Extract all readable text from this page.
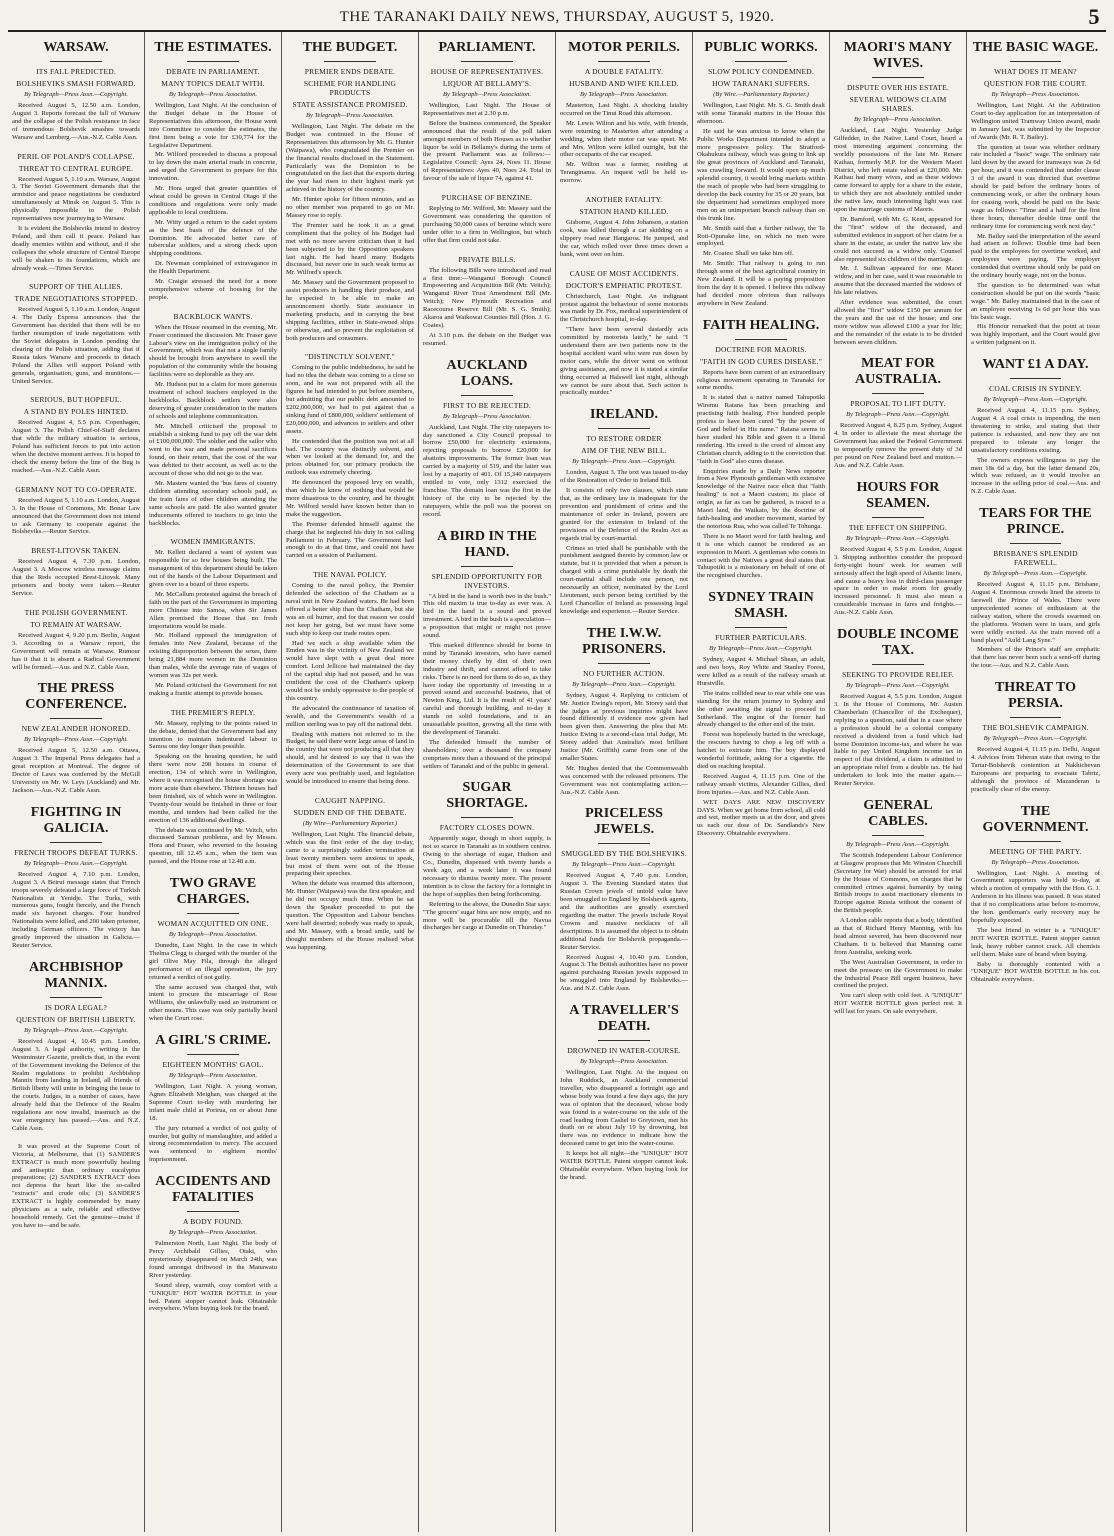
THE TARANAKI DAILY NEWS, THURSDAY, AUGUST 5, 1920.	5
WARSAW.
ITS FALL PREDICTED.
BOLSHEVIKS SMASH FORWARD.
By Telegraph—Press Assn.—Copyright.

Received August 5, 12.50 a.m. London, August 3. Reports forecast the fall of Warsaw and the collapse of the Polish resistance in face of tremendous Bolshevik smashes towards Warsaw and Lemberg.—Aus.-N.Z. Cable Assn.

PERIL OF POLAND'S COLLAPSE.
THREAT TO CENTRAL EUROPE.

Received August 5, 1.10 a.m. Warsaw, August 3. The Soviet Government demands that the armistice and peace negotiations be conducted simultaneously at Minsk on August 5. This is physically impossible to the Polish representatives now journeying to Warsaw.

It is evident the Bolsheviks intend to destroy Poland, and then call it peace. Poland has deadly enemies within and without, and if she collapses the whole structure of Central Europe will be shaken to its foundations, which are already weak.—Times Service.

SUPPORT OF THE ALLIES.
TRADE NEGOTIATIONS STOPPED.

Received August 5, 1.10 a.m. London, August 4. The Daily Express announces that the Government has decided that there will be no further resumption of trade negotiations with the Soviet delegates in London pending the clearing of the Polish situation, adding that if Russia takes Warsaw and proceeds to detach Poland the Allies will support Poland with generals, organisation, guns, and munitions.—United Service.

SERIOUS, BUT HOPEFUL.
A STAND BY POLES HINTED.

Received August 4, 5.5 p.m. Copenhagen, August 3. The Polish Chief-of-Staff declares that while the military situation is serious, Poland has sufficient forces to put into action when the decisive moment arrives. It is hoped to check the enemy before the line of the Bug is reached.—Aus.-N.Z. Cable Assn.

GERMANY NOT TO CO-OPERATE.

Received August 5, 1.10 a.m. London, August 3. In the House of Commons, Mr. Bonar Law announced that the Government does not intend to ask Germany to cooperate against the Bolsheviks.—Reuter Service.

BREST-LITOVSK TAKEN.

Received August 4, 7.30 p.m. London, August 3. A Moscow wireless message claims that the Reds occupied Brest-Litovsk. Many prisoners and booty were taken.—Reuter Service.

THE POLISH GOVERNMENT.
TO REMAIN AT WARSAW.

Received August 4, 9.20 p.m. Berlin, August 3. According to a Warsaw report, the Government will remain at Warsaw. Rumour has it that it is absent a Radical Government will be formed.—Aus. and N.Z. Cable Assn.

THE PRESS CONFERENCE.
NEW ZEALANDER HONORED.
By Telegraph—Press Assn.—Copyright.

Received August 5, 12.50 a.m. Ottawa, August 3. The Imperial Press delegates had a great reception at Montreal. The degree of Doctor of Laws was conferred by the McGill University on Mr. W. Leys (Auckland) and Mr. Jackson.—Aus.-N.Z. Cable Assn.

FIGHTING IN GALICIA.
FRENCH TROOPS DEFEAT TURKS.
By Telegraph—Press Assn.—Copyright.

Received August 4, 7.10 p.m. London, August 3. A Beirut message states that French troops severely defeated a large force of Turkish Nationalists at Yenidje. The Turks, with numerous guns, fought fiercely, and the French made six bayonet charges. Four hundred Nationalists were killed, and 200 taken prisoner, including German officers. The victory has greatly improved the situation in Galicia.—Reuter Service.

ARCHBISHOP MANNIX.
IS DORA LEGAL?
QUESTION OF BRITISH LIBERTY.
By Telegraph—Press Assn.—Copyright.

Received August 4, 10.45 p.m. London, August 3. A legal authority, writing in the Westminster Gazette, predicts that, in the event of the Government invoking the Defence of the Realm regulations to prohibit Archbishop Mannix from landing in Ireland, all friends of British liberty will unite in bringing the issue to the courts. Judges, in a number of cases, have already held that the Defence of the Realm regulations are now invalid, inasmuch as the war emergency has passed.—Aus. and N.Z. Cable Assn.

It was proved at the Supreme Court of Victoria, at Melbourne, that (1) SANDER'S EXTRACT is much more powerfully healing and antiseptic than ordinary eucalyptus preparations; (2) SANDER'S EXTRACT does not depress the heart like the so-called "extracts" and crude oils; (3) SANDER'S EXTRACT is highly commended by many physicians as a safe, reliable and effective household remedy. Get the genuine—insist if you have to—and be safe.

THE ESTIMATES.
DEBATE IN PARLIAMENT.
MANY TOPICS DEALT WITH.
By Telegraph—Press Association.

Wellington, Last Night. At the conclusion of the Budget debate in the House of Representatives this afternoon, the House went into Committee to consider the estimates, the first item being a vote for £30,774 for the Legislative Department.

Mr. Wilford proceeded to discuss a proposal to lay down the main arterial roads in concrete, and urged the Government to prepare for this innovation.

Mr. Hora urged that greater quantities of wheat could be grown in Central Otago if the conditions and regulations were only made applicable to local conditions.

Mr. Witty urged a return to the cadet system as the best basis of the defence of the Dominion. He advocated better care of tubercular soldiers, and a strong check upon shipping conditions.

Dr. Newman complained of extravagance in the Health Department.

Mr. Craigie stressed the need for a more comprehensive scheme of housing for the people.

BACKBLOCK WANTS.

When the House resumed in the evening, Mr. Fraser continued the discussion. Mr. Fraser gave Labour's view on the immigration policy of the Government, which was that not a single family should be brought from anywhere to swell the population of the community while the housing facilities were so deplorable as they are.

Mr. Hudson put in a claim for more generous treatment of school teachers employed in the backblocks. Backblock settlers were also deserving of greater consideration in the matters of schools and telephone communication.

Mr. Mitchell criticised the proposal to establish a sinking fund to pay off the war debt of £100,000,000. The soldier and the sailor who went to the war and made personal sacrifices found, on their return, that the cost of the war was debited to their account, as well as to the account of those who did not go to the war.

Mr. Masters wanted the 'bus fares of country children attending secondary schools paid, as the train fares of other children attending the same schools are paid. He also wanted greater inducements offered to teachers to go into the backblocks.

WOMEN IMMIGRANTS.

Mr. Kellett declared a want of system was responsible for so few houses being built. The management of this department should be taken out of the hands of the Labour Department and given over to a board of three experts.

Mr. McCallum protested against the breach of faith on the part of the Government in importing more Chinese into Samoa, when Sir James Allen promised the House that no fresh importations would be made.

Mr. Holland opposed the immigration of females into New Zealand, because of the existing disproportion between the sexes, there being 21,884 more women in the Dominion than males, while the average rate of wages of women was 32s per week.

Mr. Poland criticised the Government for not making a frantic attempt to provide houses.

THE PREMIER'S REPLY.

Mr. Massey, replying to the points raised in the debate, denied that the Government had any intention to maintain indentured labour in Samoa one day longer than possible.

Speaking on the housing question, he said there were now 298 houses in course of erection, 134 of which were in Wellington, where it was recognised the house shortage was more acute than elsewhere. Thirteen houses had been finished, six of which were in Wellington. Twenty-four would be finished in three or four months, and tenders had been called for the erection of 136 additional dwellings.

The debate was continued by Mr. Veitch, who discussed Samoan problems, and by Messrs. Hora and Fraser, who reverted to the housing question, till 12.45 a.m., when the item was passed, and the House rose at 12.48 a.m.

TWO GRAVE CHARGES.
WOMAN ACQUITTED ON ONE.
By Telegraph—Press Association.

Dunedin, Last Night. In the case in which Thelma Clegg is charged with the murder of the girl Olive May Fila, through the alleged performance of an illegal operation, the jury returned a verdict of not guilty.

The same accused was charged that, with intent to procure the miscarriage of Rose Williams, she unlawfully used an instrument or other means. This case was only partially heard when the Court rose.

A GIRL'S CRIME.
EIGHTEEN MONTHS' GAOL.
By Telegraph—Press Association.

Wellington, Last Night. A young woman, Agnes Elizabeth Meighan, was charged at the Supreme Court to-day with murdering her infant male child at Porirua, on or about June 18.

The jury returned a verdict of not guilty of murder, but guilty of manslaughter, and added a strong recommendation to mercy. The accused was sentenced to eighteen months' imprisonment.

ACCIDENTS AND FATALITIES
A BODY FOUND.
By Telegraph—Press Association.

Palmerston North, Last Night. The body of Percy Archibald Gillies, Otaki, who mysteriously disappeared on March 24th, was found amongst driftwood in the Manawatu River yesterday.

Sound sleep, warmth, cosy comfort with a "UNIQUE" HOT WATER BOTTLE in your bed. Patent stopper cannot leak. Obtainable everywhere. When buying look for the brand.

THE BUDGET.
PREMIER ENDS DEBATE.
SCHEME FOR HANDLING PRODUCTS
STATE ASSISTANCE PROMISED.
By Telegraph—Press Association.

Wellington, Last Night. The debate on the Budget was continued in the House of Representatives this afternoon by Mr. G. Hunter (Waipawa), who congratulated the Premier on the financial results disclosed in the Statement. Particularly was the Dominion to be congratulated on the fact that the exports during the year had risen to their highest mark yet achieved in the history of the country.

Mr. Hunter spoke for fifteen minutes, and as no other member was prepared to go on Mr. Massey rose to reply.

The Premier said he took it as a great compliment that the policy of his Budget had met with no more severe criticism than it had been subjected to by the Opposition speakers last night. He had heard many Budgets discussed, but never one in such weak terms as Mr. Wilford's speech.

Mr. Massey said the Government proposed to assist producers in handling their produce, and he expected to be able to make an announcement shortly. State assistance in marketing products, and in carrying the best shipping facilities, either in State-owned ships or otherwise, and so prevent the exploitation of both producers and consumers.

"DISTINCTLY SOLVENT."

Coming to the public indebtedness, he said he had no idea the debate was coming to a close so soon, and he was not prepared with all the figures he had intended to put before members, but admitting that our public debt amounted to £202,000,000, we had to put against that a sinking fund of £800,000, soldiers' settlement of £20,000,000, and advances to settlers and other assets.

He contended that the position was not at all bad. The country was distinctly solvent, and when we looked at the demand for, and the prices obtained for, our primary products the outlook was extremely cheering.

He denounced the proposed levy on wealth, than which he knew of nothing that would be more disastrous to the country, and he thought Mr. Wilford would have known better than to make the suggestion.

The Premier defended himself against the charge that he neglected his duty in not calling Parliament in February. The Government had enough to do at that time, and could not have carried on a session of Parliament.

THE NAVAL POLICY.

Coming to the naval policy, the Premier defended the selection of the Chatham as a naval unit in New Zealand waters. He had been offered a better ship than the Chatham, but she was an oil burner, and for that reason we could not keep her going, but we must have some such ship to keep our trade routes open.

Had we such a ship available when the Emden was in the vicinity of New Zealand we would have slept with a great deal more comfort. Lord Jellicoe had maintained the day of the capital ship had not passed, and he was confident the cost of the Chatham's upkeep would not be unduly oppressive to the people of this country.

He advocated the continuance of taxation of wealth, and the Government's wealth of a million sterling was to pay off the national debt.

Dealing with matters not referred to in the Budget, he said there were large areas of land in the country that were not producing all that they should, and he desired to say that it was the determination of the Government to see that every acre was profitably used, and legislation would be introduced to ensure that being done.

CAUGHT NAPPING.
SUDDEN END OF THE DEBATE.
(By Wire—Parliamentary Reporter.)

Wellington, Last Night. The financial debate, which was the first order of the day to-day, came to a surprisingly sudden termination at least twenty members were anxious to speak, but most of them were out of the House preparing their speeches.

When the debate was resumed this afternoon, Mr. Hunter (Waipawa) was the first speaker, and he did not occupy much time. When he sat down the Speaker proceeded to put the question. The Opposition and Labour benches were half deserted; nobody was ready to speak, and Mr. Massey, with a broad smile, said he thought members of the House realised what was happening.

PARLIAMENT.
HOUSE OF REPRESENTATIVES.
LIQUOR AT BELLAMY'S.
By Telegraph—Press Association.

Wellington, Last Night. The House of Representatives met at 2.30 p.m.

Before the business commenced, the Speaker announced that the result of the poll taken amongst members of both Houses as to whether liquor be sold in Bellamy's during the term of the present Parliament was as follows:—Legislative Council: Ayes 24, Noes 11. House of Representatives: Ayes 40, Noes 24. Total in favour of the sale of liquor 74, against 41.

PURCHASE OF BENZINE.

Replying to Mr. Wilford, Mr. Massey said the Government was considering the question of purchasing 50,000 cases of benzine which were under offer to a firm in Wellington, but which offer that firm could not take.

PRIVATE BILLS.

The following Bills were introduced and read a first time:—Wanganui Borough Council Empowering and Acquisition Bill (Mr. Veitch); Wanganui River Trust Amendment Bill (Mr. Veitch); New Plymouth Recreation and Racecourse Reserve Bill (Mr. S. G. Smith); Akaroa and Waikowai Counties Bill (Hon. J. G. Coates).

At 3.10 p.m. the debate on the Budget was resumed.

AUCKLAND LOANS.
FIRST TO BE REJECTED.
By Telegraph—Press Association.

Auckland, Last Night. The city ratepayers to-day sanctioned a City Council proposal to borrow £50,000 for electricity extensions, rejecting proposals to borrow £20,000 for abattoirs improvements. The former loan was carried by a majority of 519, and the latter was lost by a majority of 401. Of 15,340 ratepayers entitled to vote, only 1312 exercised the franchise. The domain loan was the first in the history of the city to be rejected by the ratepayers, while the poll was the poorest on record.

A BIRD IN THE HAND.
SPLENDID OPPORTUNITY FOR INVESTORS.

"A bird in the hand is worth two in the bush." This old maxim is true to-day as ever was. A bird in the hand is a sound and proved investment. A bird in the bush is a speculation—a proposition that might or might not prove sound.

This marked difference should be borne in mind by Taranaki investors, who have earned their money chiefly by dint of their own industry and thrift, and cannot afford to take risks. There is no need for them to do so, as they have today the opportunity of investing in a proved sound and successful business, that of Newton King, Ltd. It is the result of 41 years' careful and thorough building, and to-day it stands on solid foundations, and is an unassailable position, growing all the time with the development of Taranaki.

The defended himself the number of shareholders; over a thousand the company comprises more than a thousand of the principal settlers of Taranaki and of the public in general.

SUGAR SHORTAGE.
FACTORY CLOSES DOWN.

Apparently sugar, though in short supply, is not so scarce in Taranaki as in southern centres. Owing to the shortage of sugar, Hudson and Co., Dunedin, dispensed with twenty hands a week ago, and a week later it was found necessary to dismiss twenty more. The present intention is to close the factory for a fortnight in the hope of supplies then being forthcoming.

Referring to the above, the Dunedin Star says: "The grocers' sugar bins are now empty, and no more will be procurable till the Navua discharges her cargo at Dunedin on Thursday."

MOTOR PERILS.
A DOUBLE FATALITY.
HUSBAND AND WIFE KILLED.
By Telegraph—Press Association.

Masterton, Last Night. A shocking fatality occurred on the Tinui Road this afternoon.

Mr. Lewis Wilton and his wife, with friends, were returning to Masterton after attending a wedding, when their motor car was upset. Mr. and Mrs. Wilton were killed outright, but the other occupants of the car escaped.

Mr. Wilton was a farmer, residing at Teranginamu. An inquest will be held to-morrow.

ANOTHER FATALITY.
STATION HAND KILLED.

Gisborne, August 4. John Johanson, a station cook, was killed through a car skidding on a slippery road near Hangaroa. He jumped, and the car, which rolled over three times down a bank, went over on him.

CAUSE OF MOST ACCIDENTS.
DOCTOR'S EMPHATIC PROTEST.

Christchurch, Last Night. An indignant protest against the behaviour of some motorists was made by Dr. Fox, medical superintendent of the Christchurch hospital, to-day.

"There have been several dastardly acts committed by motorists lately," he said. "I understand there are two patients now in the hospital accident ward who were run down by motor cars, while the driver went on without giving assistance, and now it is stated a similar thing occurred at Halswell last night, although we cannot be sure about that. Such action is practically murder."

IRELAND.
TO RESTORE ORDER
AIM OF THE NEW BILL.
By Telegraph—Press Assn.—Copyright.

London, August 3. The text was issued to-day of the Restoration of Order in Ireland Bill.

It consists of only two clauses, which state that, as the ordinary law is inadequate for the prevention and punishment of crime and the maintenance of order in Ireland, powers are granted for the extension to Ireland of the provisions of the Defence of the Realm Act as regards trial by court-martial.

Crimes so tried shall be punishable with the punishment assigned thereto by common law or statute, but it is provided that when a person is charged with a crime punishable by death the court-martial shall include one person, not necessarily an officer, nominated by the Lord Lieutenant, such person being certified by the Lord Chancellor of Ireland as possessing legal knowledge and experience.—Reuter Service.

THE I.W.W. PRISONERS.
NO FURTHER ACTION.
By Telegraph—Press Assn.—Copyright.

Sydney, August 4. Replying to criticism of Mr. Justice Ewing's report, Mr. Storey said that the judges at previous inquiries might have found differently if evidence now given had been given then. Answering the plea that Mr. Justice Ewing is a second-class trial Judge, Mr. Storey added that Australia's most brilliant Justice (Mr. Griffith) came from one of the smaller States.

Mr. Hughes denied that the Commonwealth was concerned with the released prisoners. The Government was not contemplating action.—Aus.-N.Z. Cable Assn.

PRICELESS JEWELS.
SMUGGLED BY THE BOLSHEVIKS.
By Telegraph—Press Assn.—Copyright.

Received August 4, 7.40 p.m. London, August 3. The Evening Standard states that Russian Crown jewels of untold value have been smuggled to England by Bolshevik agents, and the authorities are greatly exercised regarding the matter. The jewels include Royal Crowns and massive necklaces of all descriptions. It is assumed the object is to obtain additional funds for Bolshevik propaganda.—Reuter Service.

Received August 4, 10.40 p.m. London, August 3. The British authorities have no power against purchasing Russian jewels supposed to be smuggled into England by Bolsheviks.—Aus. and N.Z. Cable Assn.

A TRAVELLER'S DEATH.
DROWNED IN WATER-COURSE.
By Telegraph—Press Association.

Wellington, Last Night. At the inquest on John Ruddock, an Auckland commercial traveller, who disappeared a fortnight ago and whose body was found a few days ago, the jury was of opinion that the deceased, whose body was found in a water-course on the side of the road leading from Cashel to Greytown, met his death on or about July 19 by drowning, but there was no evidence to indicate how the deceased came to get into the water-course.

It keeps hot all night—the "UNIQUE" HOT WATER BOTTLE. Patent stopper cannot leak. Obtainable everywhere. When buying look for the brand.

PUBLIC WORKS.
SLOW POLICY CONDEMNED.
HOW TARANAKI SUFFERS.
(By Wire.—Parliamentary Reporter.)

Wellington, Last Night. Mr. S. G. Smith dealt with some Taranaki matters in the House this afternoon.

He said he was anxious to know when the Public Works Department intended to adopt a more progressive policy. The Stratford-Okahukura railway, which was going to link up the great provinces of Auckland and Taranaki, was crawling forward. It would open up much splendid country, it would bring markets within the reach of people who had been struggling to develop the back country for 35 or 20 years, but the department had sometimes employed more men on an unimportant branch railway than on this trunk line.

Mr. Smith said that a further railway, the Te Roti-Opunake line, on which no men were employed.

Mr. Coates: Shall we take him off.

Mr. Smith: That railway is going to run through some of the best agricultural country in New Zealand. It will be a paying proposition from the day it is opened. I believe this railway had decided more obvious than railways anywhere in New Zealand.

FAITH HEALING.
DOCTRINE FOR MAORIS.
"FAITH IN GOD CURES DISEASE."

Reports have been current of an extraordinary religious movement operating in Taranaki for some months.

It is stated that a native named Tahupotiki Wiremu Ratana has been preaching and practising faith healing. Five hundred people profess to have been cured "by the power of God and belief in His name." Ratana seems to have studied his Bible and given it a literal rendering. His creed is the creed of almost any Christian church, adding to it the conviction that "faith in God" also cures disease.

Enquiries made by a Daily News reporter from a New Plymouth gentleman with extensive knowledge of the Native race elicit that "faith healing" is not a Maori custom; its place of origin, as far as can be gathered, is traced to a Maori land, the Waikato, by the doctrine of faith-healing and another movement, started by the notorious Rua, who was called Te Tohunga.

There is no Maori word for faith healing, and it is one which cannot be rendered as an expression in Maori. A gentleman who comes in contact with the Natives a great deal states that Tahupotiki is a missionary on behalf of one of the recognised churches.

SYDNEY TRAIN SMASH.
FURTHER PARTICULARS.
By Telegraph—Press Assn.—Copyright.

Sydney, August 4. Michael Shean, an adult, and two boys, Roy White and Stanley Forest, were killed as a result of the railway smash at Hurstville.

The trains collided near to rear while one was standing for the return journey to Sydney and the other awaiting the signal to proceed to Sutherland. The engine of the former had already changed to the other end of the train.

Forest was hopelessly buried in the wreckage, the rescuers having to chop a leg off with a hatchet to extricate him. The boy displayed wonderful fortitude, asking for a cigarette. He died on reaching hospital.

Received August 4, 11.15 p.m. One of the railway smash victims, Alexander Gillies, died from injuries.—Aus. and N.Z. Cable Assn.

WET DAYS ARE NEW DISCOVERY DAYS. When we get home from school, all cold and wet, mother meets us at the door, and gives us each our dose of Dr. Sandlands's New Discovery. Obtainable everywhere.

MAORI'S MANY WIVES.
DISPUTE OVER HIS ESTATE.
SEVERAL WIDOWS CLAIM SHARES.
By Telegraph—Press Association.

Auckland, Last Night. Yesterday Judge Gilfedder, in the Native Land Court, heard a most interesting argument concerning the worldly possessions of the late Mr. Renare Kaihau, formerly M.P. for the Western Maori District, who left estate valued at £20,000. Mr. Kaihau had many wives, and as these widows came forward to apply for a share in the estate, to which they are not absolutely entitled under the native law, much interesting light was cast upon the marriage customs of Maoris.

Dr. Bamford, with Mr. G. Kent, appeared for the "first" widow of the deceased, and submitted evidence in support of her claim for a share in the estate, as under the native law she could not succeed as a widow only. Counsel also represented six children of the marriage.

Mr. J. Sullivan appeared for one Maori widow, and in her case, said it was reasonable to assume that the deceased married the widows of his late relatives.

After evidence was submitted, the court allowed the "first" widow £150 per annum for the years and the use of the house; and one more widow was allowed £100 a year for life; and the remainder of the estate is to be divided between seven children.

MEAT FOR AUSTRALIA.
PROPOSAL TO LIFT DUTY.
By Telegraph—Press Assn.—Copyright.

Received August 4, 8.25 p.m. Sydney, August 4. In order to alleviate the meat shortage the Government has asked the Federal Government to temporarily remove the present duty of 3d per pound on New Zealand beef and mutton.—Aus. and N.Z. Cable Assn.

HOURS FOR SEAMEN.
THE EFFECT ON SHIPPING.
By Telegraph—Press Assn.—Copyright.

Received August 4, 5.5 p.m. London, August 3. Shipping authorities consider the proposed forty-eight hours' week for seamen will seriously affect the high speed of Atlantic liners, and cause a heavy loss in third-class passenger space in order to make room for greatly increased personnel. It must also mean a considerable increase in fares and freights.—Aus.-N.Z. Cable Assn.

DOUBLE INCOME TAX.
SEEKING TO PROVIDE RELIEF.
By Telegraph—Press Assn.—Copyright.

Received August 4, 5.5 p.m. London, August 3. In the House of Commons, Mr. Austen Chamberlain (Chancellor of the Exchequer), replying to a question, said that in a case where a profession should be a colonial company received a dividend from a fund which had borne Dominion income-tax, and where he was liable to pay United Kingdom income tax in respect of that dividend, a claim is admitted to an appropriate relief from a double tax. He had undertaken to look into the matter again.—Reuter Service.

GENERAL CABLES.
By Telegraph—Press Assn.—Copyright.

The Scottish Independent Labour Conference at Glasgow proposes that Mr. Winston Churchill (Secretary for War) should be arrested for trial by the House of Commons, on charges that he committed crimes against humanity by using British troops to assist reactionary elements in Europe against Russia without the consent of the British people.

A London cable reports that a body, identified as that of Richard Henry Manning, with his head almost severed, has been discovered near Chatham. It is believed that Manning came from Australia, seeking work.

The West Australian Government, in order to meet the pressure on the Government to make the Industrial Peace Bill urgent business, have confined the project.

You can't sleep with cold feet. A "UNIQUE" HOT WATER BOTTLE gives perfect rest. It will last for years. On sale everywhere.

THE BASIC WAGE.
WHAT DOES IT MEAN?
QUESTION FOR THE COURT.
By Telegraph—Press Association.

Wellington, Last Night. At the Arbitration Court to-day application for an interpretation of Wellington united Tramway Union award, made in January last, was submitted by the Inspector of Awards (Mr. R. T. Bailey).

The question at issue was whether ordinary rate included a "basic" wage. The ordinary rate laid down by the award for tramways was 2s 6d per hour, and it was contended that under clause 3 of the award it was directed that overtime should be paid before the ordinary hours of commencing work, or after the ordinary hours for ceasing work, should be paid on the basic wage as follows: "Time and a half for the first three hours, thereafter double time until the ordinary time for commencing work next day."

Mr. Bailey said the interpretation of the award had arisen as follows: Double time had been paid to the employees for overtime worked, and employees were paying. The employer contended that overtime should only be paid on the ordinary hourly wage, not on the bonus.

The question to be determined was what construction should be put on the words "basic wage." Mr. Bailey maintained that in the case of an employee receiving 1s 6d per hour this was his basic wage.

His Honour remarked that the point at issue was highly important, and the Court would give a written judgment on it.

WANT £1 A DAY.
COAL CRISIS IN SYDNEY.
By Telegraph—Press Assn.—Copyright.

Received August 4, 11.15 p.m. Sydney, August 4. A coal crisis is impending, the men threatening to strike, and stating that their patience is exhausted, and now they are not prepared to tolerate any longer the unsatisfactory conditions existing.

The owners express willingness to pay the men 18s 6d a day, but the latter demand 20s, which was refused, as it would involve an increase in the selling price of coal.—Aus. and N.Z. Cable Assn.

TEARS FOR THE PRINCE.
BRISBANE'S SPLENDID FAREWELL.
By Telegraph—Press Assn.—Copyright.

Received August 4, 11.15 p.m. Brisbane, August 4. Enormous crowds lined the streets to farewell the Prince of Wales. There were unprecedented scenes of enthusiasm at the railway station, where the crowds swarmed on the platforms. Women were in tears, and girls were wildly excited. As the train moved off a band played "Auld Lang Syne."

Members of the Prince's staff are emphatic that there has never been such a send-off during the tour.—Aus. and N.Z. Cable Assn.

THREAT TO PERSIA.
THE BOLSHEVIK CAMPAIGN.
By Telegraph—Press Assn.—Copyright.

Received August 4, 11.15 p.m. Delhi, August 4. Advices from Teheran state that owing to the Tartar-Bolshevik contention at Nakhichevan Europeans are preparing to evacuate Tabriz, although the province of Mazanderan is practically clear of the enemy.

THE GOVERNMENT.
MEETING OF THE PARTY.
By Telegraph—Press Association.

Wellington, Last Night. A meeting of Government supporters was held to-day, at which a motion of sympathy with the Hon. G. J. Anderson in his illness was passed. It was stated that if no complications arise before to-morrow, the hon. gentleman's early recovery may be hopefully expected.

The best friend in winter is a "UNIQUE" HOT WATER BOTTLE. Patent stopper cannot leak, heavy rubber cannot crack. All chemists sell them. Make sure of brand when buying.

Baby is thoroughly contented with a "UNIQUE" HOT WATER BOTTLE in his cot. Obtainable everywhere.
